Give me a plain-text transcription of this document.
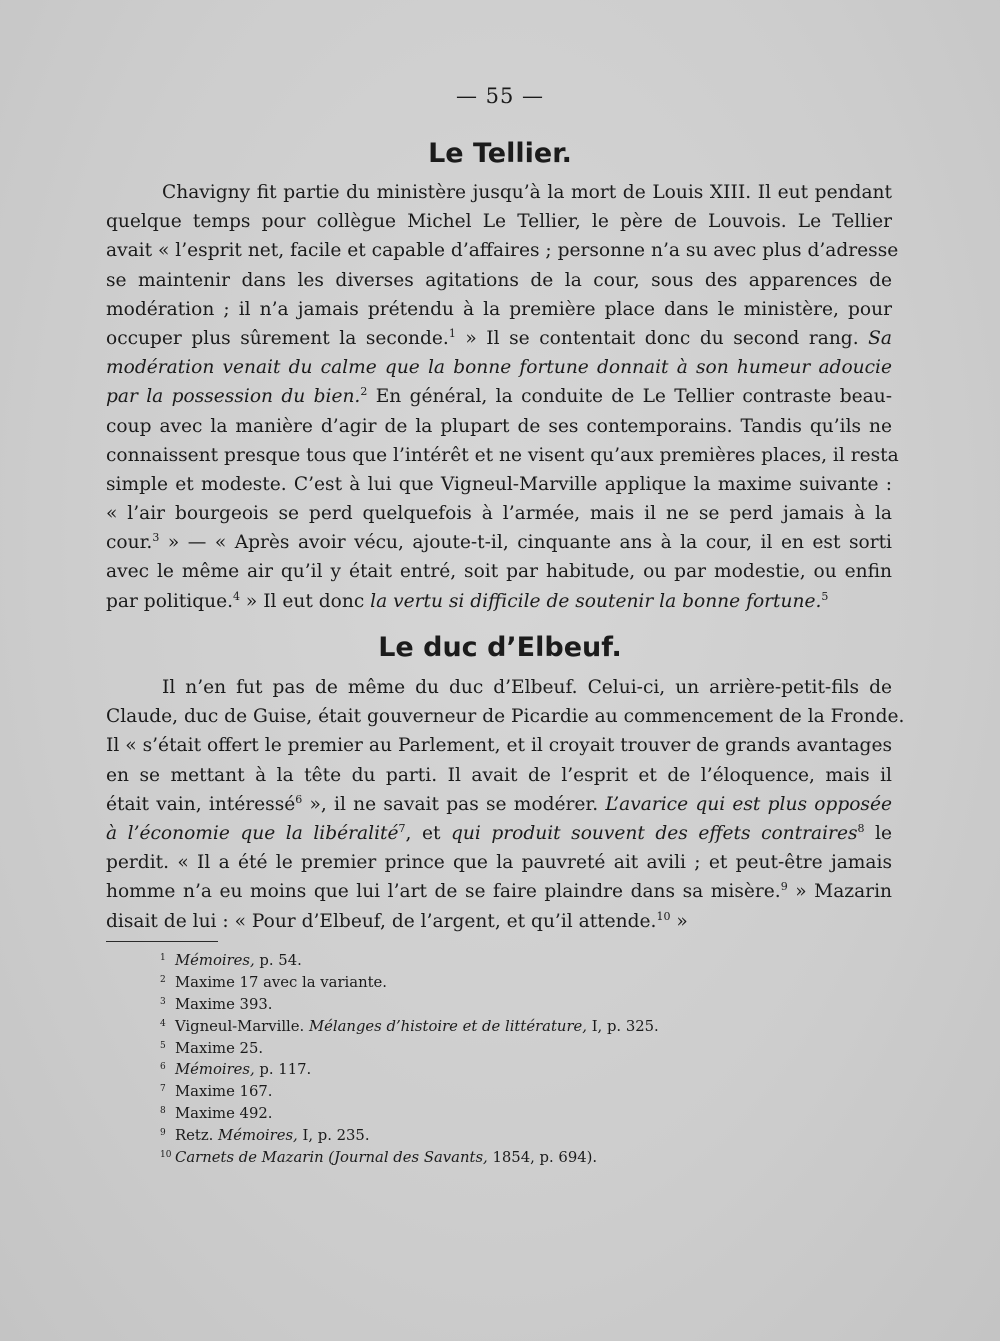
— 55 —
Le Tellier.
Chavigny fit partie du ministère jusqu’à la mort de Louis XIII. Il eut pendant
quelque temps pour collègue Michel Le Tellier, le père de Louvois. Le Tellier
avait « l’esprit net, facile et capable d’affaires ; personne n’a su avec plus d’adresse
se maintenir dans les diverses agitations de la cour, sous des apparences de
modération ; il n’a jamais prétendu à la première place dans le ministère, pour
occuper plus sûrement la seconde.$^1$ » Il se contentait donc du second rang. Sa
modération venait du calme que la bonne fortune donnait à son humeur adoucie
par la possession du bien.$^2$ En général, la conduite de Le Tellier contraste beau-
coup avec la manière d’agir de la plupart de ses contemporains. Tandis qu’ils ne
connaissent presque tous que l’intérêt et ne visent qu’aux premières places, il resta
simple et modeste. C’est à lui que Vigneul-Marville applique la maxime suivante :
« l’air bourgeois se perd quelquefois à l’armée, mais il ne se perd jamais à la
cour.$^3$ » — « Après avoir vécu, ajoute-t-il, cinquante ans à la cour, il en est sorti
avec le même air qu’il y était entré, soit par habitude, ou par modestie, ou enfin
par politique.$^4$ » Il eut donc la vertu si difficile de soutenir la bonne fortune.$^5$
Le duc d’Elbeuf.
Il n’en fut pas de même du duc d’Elbeuf. Celui-ci, un arrière-petit-fils de
Claude, duc de Guise, était gouverneur de Picardie au commencement de la Fronde.
Il « s’était offert le premier au Parlement, et il croyait trouver de grands avantages
en se mettant à la tête du parti. Il avait de l’esprit et de l’éloquence, mais il
était vain, intéressé$^6$ », il ne savait pas se modérer. L’avarice qui est plus opposée
à l’économie que la libéralité$^7$, et qui produit souvent des effets contraires$^8$ le
perdit. « Il a été le premier prince que la pauvreté ait avili ; et peut-être jamais
homme n’a eu moins que lui l’art de se faire plaindre dans sa misère.$^9$ » Mazarin
disait de lui : « Pour d’Elbeuf, de l’argent, et qu’il attende.$^{10}$ »
1 Mémoires, p. 54.
2 Maxime 17 avec la variante.
3 Maxime 393.
4 Vigneul-Marville. Mélanges d’histoire et de littérature, I, p. 325.
5 Maxime 25.
6 Mémoires, p. 117.
7 Maxime 167.
8 Maxime 492.
9 Retz. Mémoires, I, p. 235.
10 Carnets de Mazarin (Journal des Savants, 1854, p. 694).
